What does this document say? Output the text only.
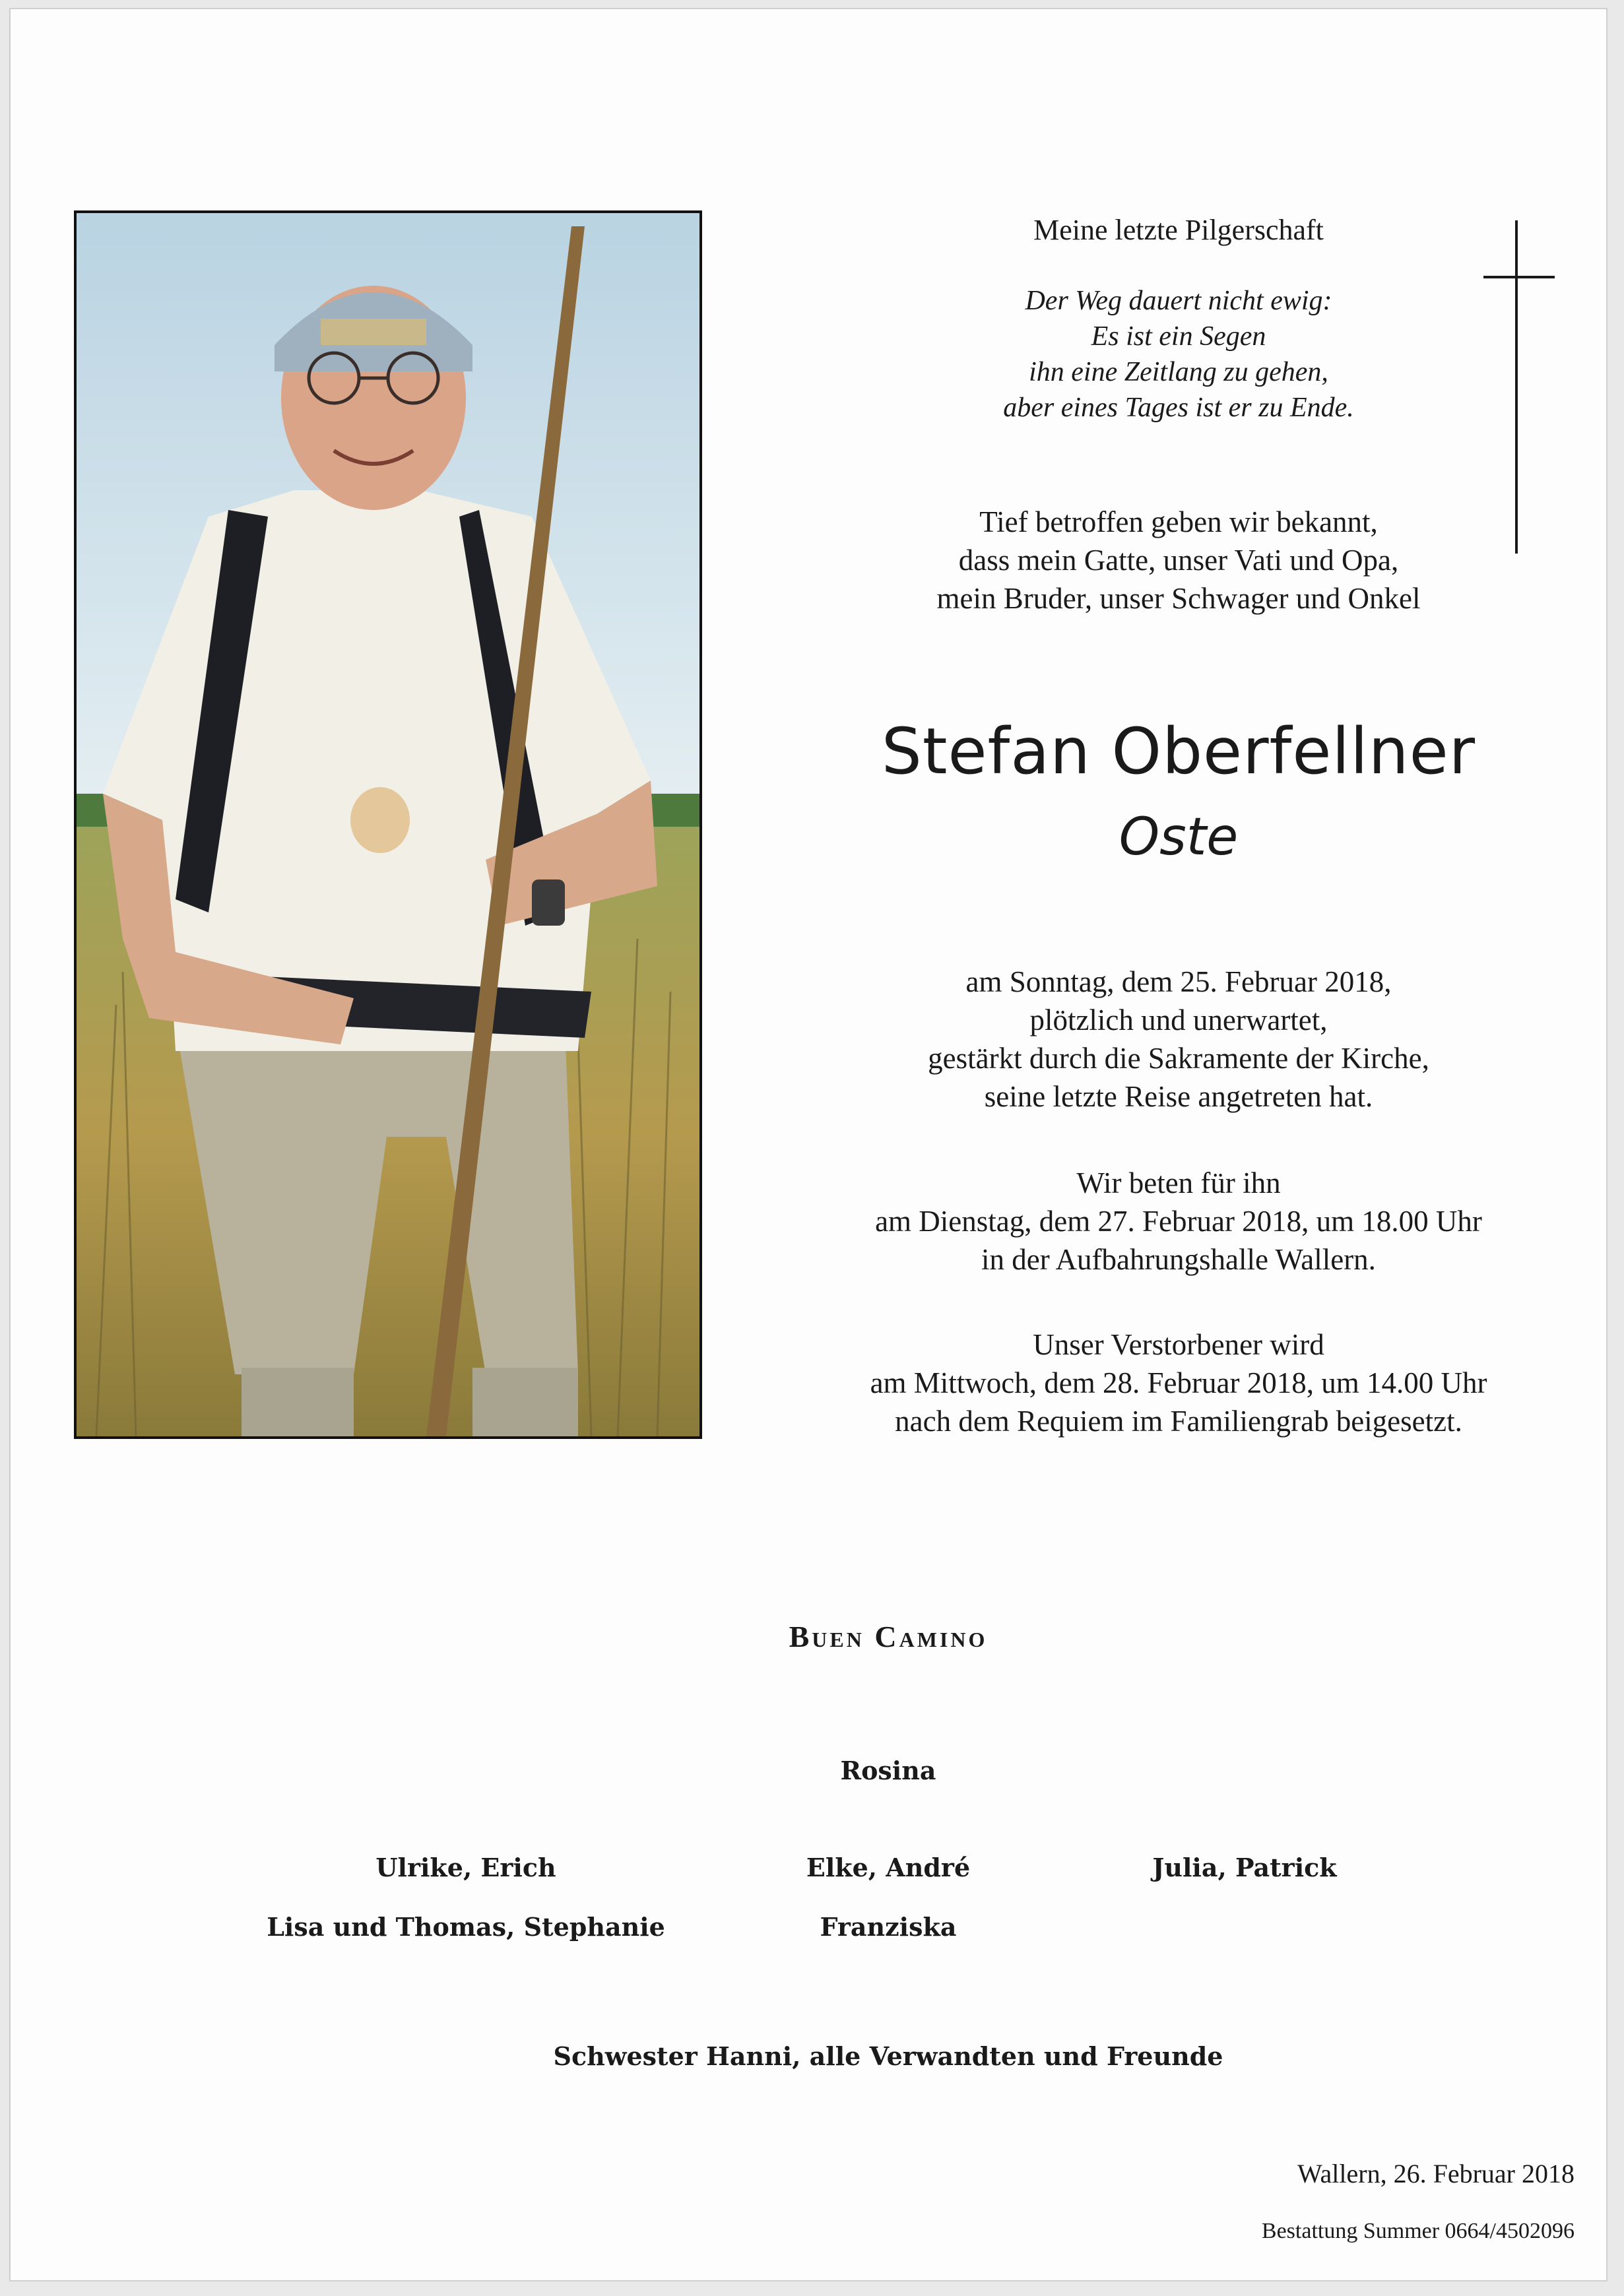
Meine letzte Pilgerschaft
Der Weg dauert nicht ewig:
Es ist ein Segen
ihn eine Zeitlang zu gehen,
aber eines Tages ist er zu Ende.
Tief betroffen geben wir bekannt,
dass mein Gatte, unser Vati und Opa,
mein Bruder, unser Schwager und Onkel
Stefan Oberfellner
Oste
am Sonntag, dem 25. Februar 2018,
plötzlich und unerwartet,
gestärkt durch die Sakramente der Kirche,
seine letzte Reise angetreten hat.
Wir beten für ihn
am Dienstag, dem 27. Februar 2018, um 18.00 Uhr
in der Aufbahrungshalle Wallern.
Unser Verstorbener wird
am Mittwoch, dem 28. Februar 2018, um 14.00 Uhr
nach dem Requiem im Familiengrab beigesetzt.
Buen Camino
Rosina
Ulrike, Erich	Elke, André	Julia, Patrick
Lisa und Thomas, Stephanie	Franziska
Schwester Hanni, alle Verwandten und Freunde
Wallern, 26. Februar 2018
Bestattung Summer 0664/4502096
